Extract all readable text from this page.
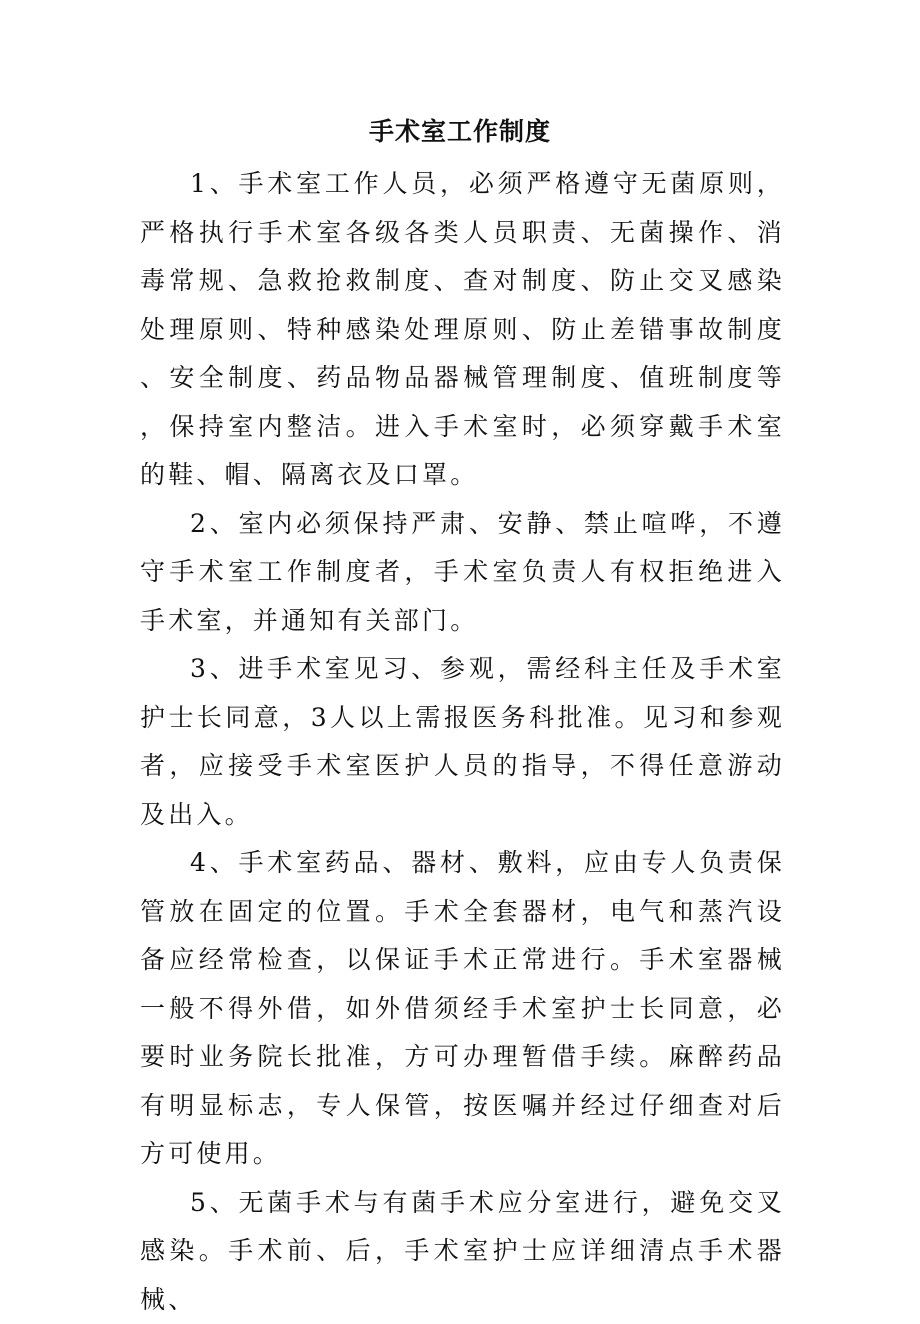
手术室工作制度

1、手术室工作人员，必须严格遵守无菌原则，严格执行手术室各级各类人员职责、无菌操作、消毒常规、急救抢救制度、查对制度、防止交叉感染处理原则、特种感染处理原则、防止差错事故制度、安全制度、药品物品器械管理制度、值班制度等，保持室内整洁。进入手术室时，必须穿戴手术室的鞋、帽、隔离衣及口罩。

2、室内必须保持严肃、安静、禁止喧哗，不遵守手术室工作制度者，手术室负责人有权拒绝进入手术室，并通知有关部门。

3、进手术室见习、参观，需经科主任及手术室护士长同意，3人以上需报医务科批准。见习和参观者，应接受手术室医护人员的指导，不得任意游动及出入。

4、手术室药品、器材、敷料，应由专人负责保管放在固定的位置。手术全套器材，电气和蒸汽设备应经常检查，以保证手术正常进行。手术室器械一般不得外借，如外借须经手术室护士长同意，必要时业务院长批准，方可办理暂借手续。麻醉药品有明显标志，专人保管，按医嘱并经过仔细查对后方可使用。

5、无菌手术与有菌手术应分室进行，避免交叉感染。手术前、后，手术室护士应详细清点手术器械、
